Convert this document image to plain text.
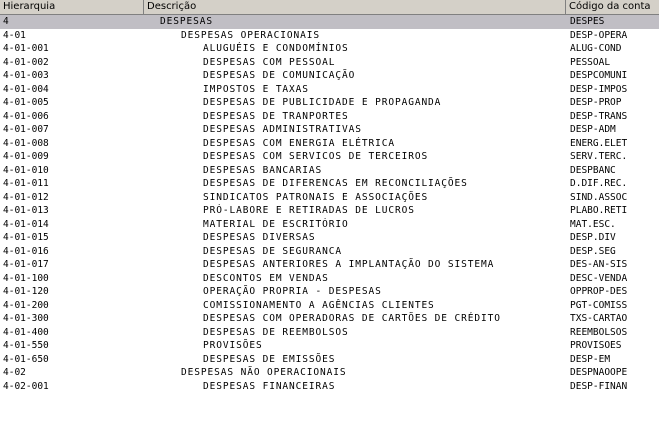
Hierarquia	Descrição	Código da conta
4	DESPESAS	DESPES
4-01	DESPESAS OPERACIONAIS	DESP-OPERA
4-01-001	ALUGUÉIS E CONDOMÍNIOS	ALUG-COND
4-01-002	DESPESAS COM PESSOAL	PESSOAL
4-01-003	DESPESAS DE COMUNICAÇÃO	DESPCOMUNI
4-01-004	IMPOSTOS E TAXAS	DESP-IMPOS
4-01-005	DESPESAS DE PUBLICIDADE E PROPAGANDA	DESP-PROP
4-01-006	DESPESAS DE TRANPORTES	DESP-TRANS
4-01-007	DESPESAS ADMINISTRATIVAS	DESP-ADM
4-01-008	DESPESAS COM ENERGIA ELÉTRICA	ENERG.ELET
4-01-009	DESPESAS COM SERVICOS DE TERCEIROS	SERV.TERC.
4-01-010	DESPESAS BANCARIAS	DESPBANC
4-01-011	DESPESAS DE DIFERENCAS EM RECONCILIAÇÕES	D.DIF.REC.
4-01-012	SINDICATOS PATRONAIS E ASSOCIAÇÕES	SIND.ASSOC
4-01-013	PRÓ-LABORE E RETIRADAS DE LUCROS	PLABO.RETI
4-01-014	MATERIAL DE ESCRITÓRIO	MAT.ESC.
4-01-015	DESPESAS DIVERSAS	DESP.DIV
4-01-016	DESPESAS DE SEGURANCA	DESP.SEG
4-01-017	DESPESAS ANTERIORES A IMPLANTAÇÃO DO SISTEMA	DES-AN-SIS
4-01-100	DESCONTOS EM VENDAS	DESC-VENDA
4-01-120	OPERAÇÃO PROPRIA - DESPESAS	OPPROP-DES
4-01-200	COMISSIONAMENTO A AGÊNCIAS CLIENTES	PGT-COMISS
4-01-300	DESPESAS COM OPERADORAS DE CARTÕES DE CRÉDITO	TXS-CARTAO
4-01-400	DESPESAS DE REEMBOLSOS	REEMBOLSOS
4-01-550	PROVISÕES	PROVISOES
4-01-650	DESPESAS DE EMISSÕES	DESP-EM
4-02	DESPESAS NÃO OPERACIONAIS	DESPNAOOPE
4-02-001	DESPESAS FINANCEIRAS	DESP-FINAN
